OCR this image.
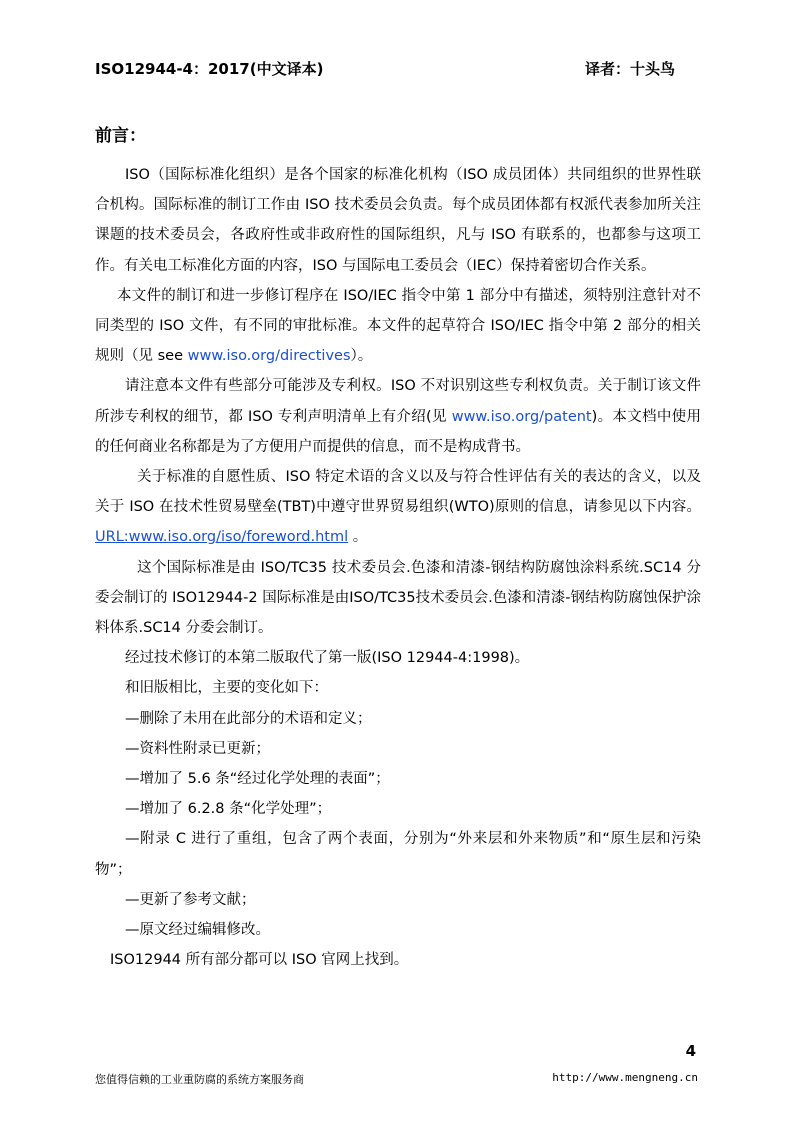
ISO12944-4：2017(中文译本)	译者：十头鸟
前言：

ISO（国际标准化组织）是各个国家的标准化机构（ISO 成员团体）共同组织的世界性联合机构。国际标准的制订工作由 ISO 技术委员会负责。每个成员团体都有权派代表参加所关注课题的技术委员会，各政府性或非政府性的国际组织，凡与 ISO 有联系的，也都参与这项工作。有关电工标准化方面的内容，ISO 与国际电工委员会（IEC）保持着密切合作关系。

本文件的制订和进一步修订程序在 ISO/IEC 指令中第 1 部分中有描述，须特别注意针对不同类型的 ISO 文件，有不同的审批标准。本文件的起草符合 ISO/IEC 指令中第 2 部分的相关规则（见 see www.iso.org/directives）。

请注意本文件有些部分可能涉及专利权。ISO 不对识别这些专利权负责。关于制订该文件所涉专利权的细节，都 ISO 专利声明清单上有介绍(见 www.iso.org/patent)。本文档中使用的任何商业名称都是为了方便用户而提供的信息，而不是构成背书。

关于标准的自愿性质、ISO 特定术语的含义以及与符合性评估有关的表达的含义，以及关于 ISO 在技术性贸易壁垒(TBT)中遵守世界贸易组织(WTO)原则的信息，请参见以下内容。URL:www.iso.org/iso/foreword.html 。

这个国际标准是由 ISO/TC35 技术委员会.色漆和清漆-钢结构防腐蚀涂料系统.SC14 分委会制订的 ISO12944-2 国际标准是由ISO/TC35技术委员会.色漆和清漆-钢结构防腐蚀保护涂料体系.SC14 分委会制订。

经过技术修订的本第二版取代了第一版(ISO 12944-4:1998)。

和旧版相比，主要的变化如下：

—删除了未用在此部分的术语和定义；

—资料性附录已更新；

—增加了 5.6 条“经过化学处理的表面”；

—增加了 6.2.8 条“化学处理”；

—附录 C 进行了重组，包含了两个表面，分别为“外来层和外来物质”和“原生层和污染物”；

—更新了参考文献；

—原文经过编辑修改。

ISO12944 所有部分都可以 ISO 官网上找到。

4
您值得信赖的工业重防腐的系统方案服务商	http://www.mengneng.cn
